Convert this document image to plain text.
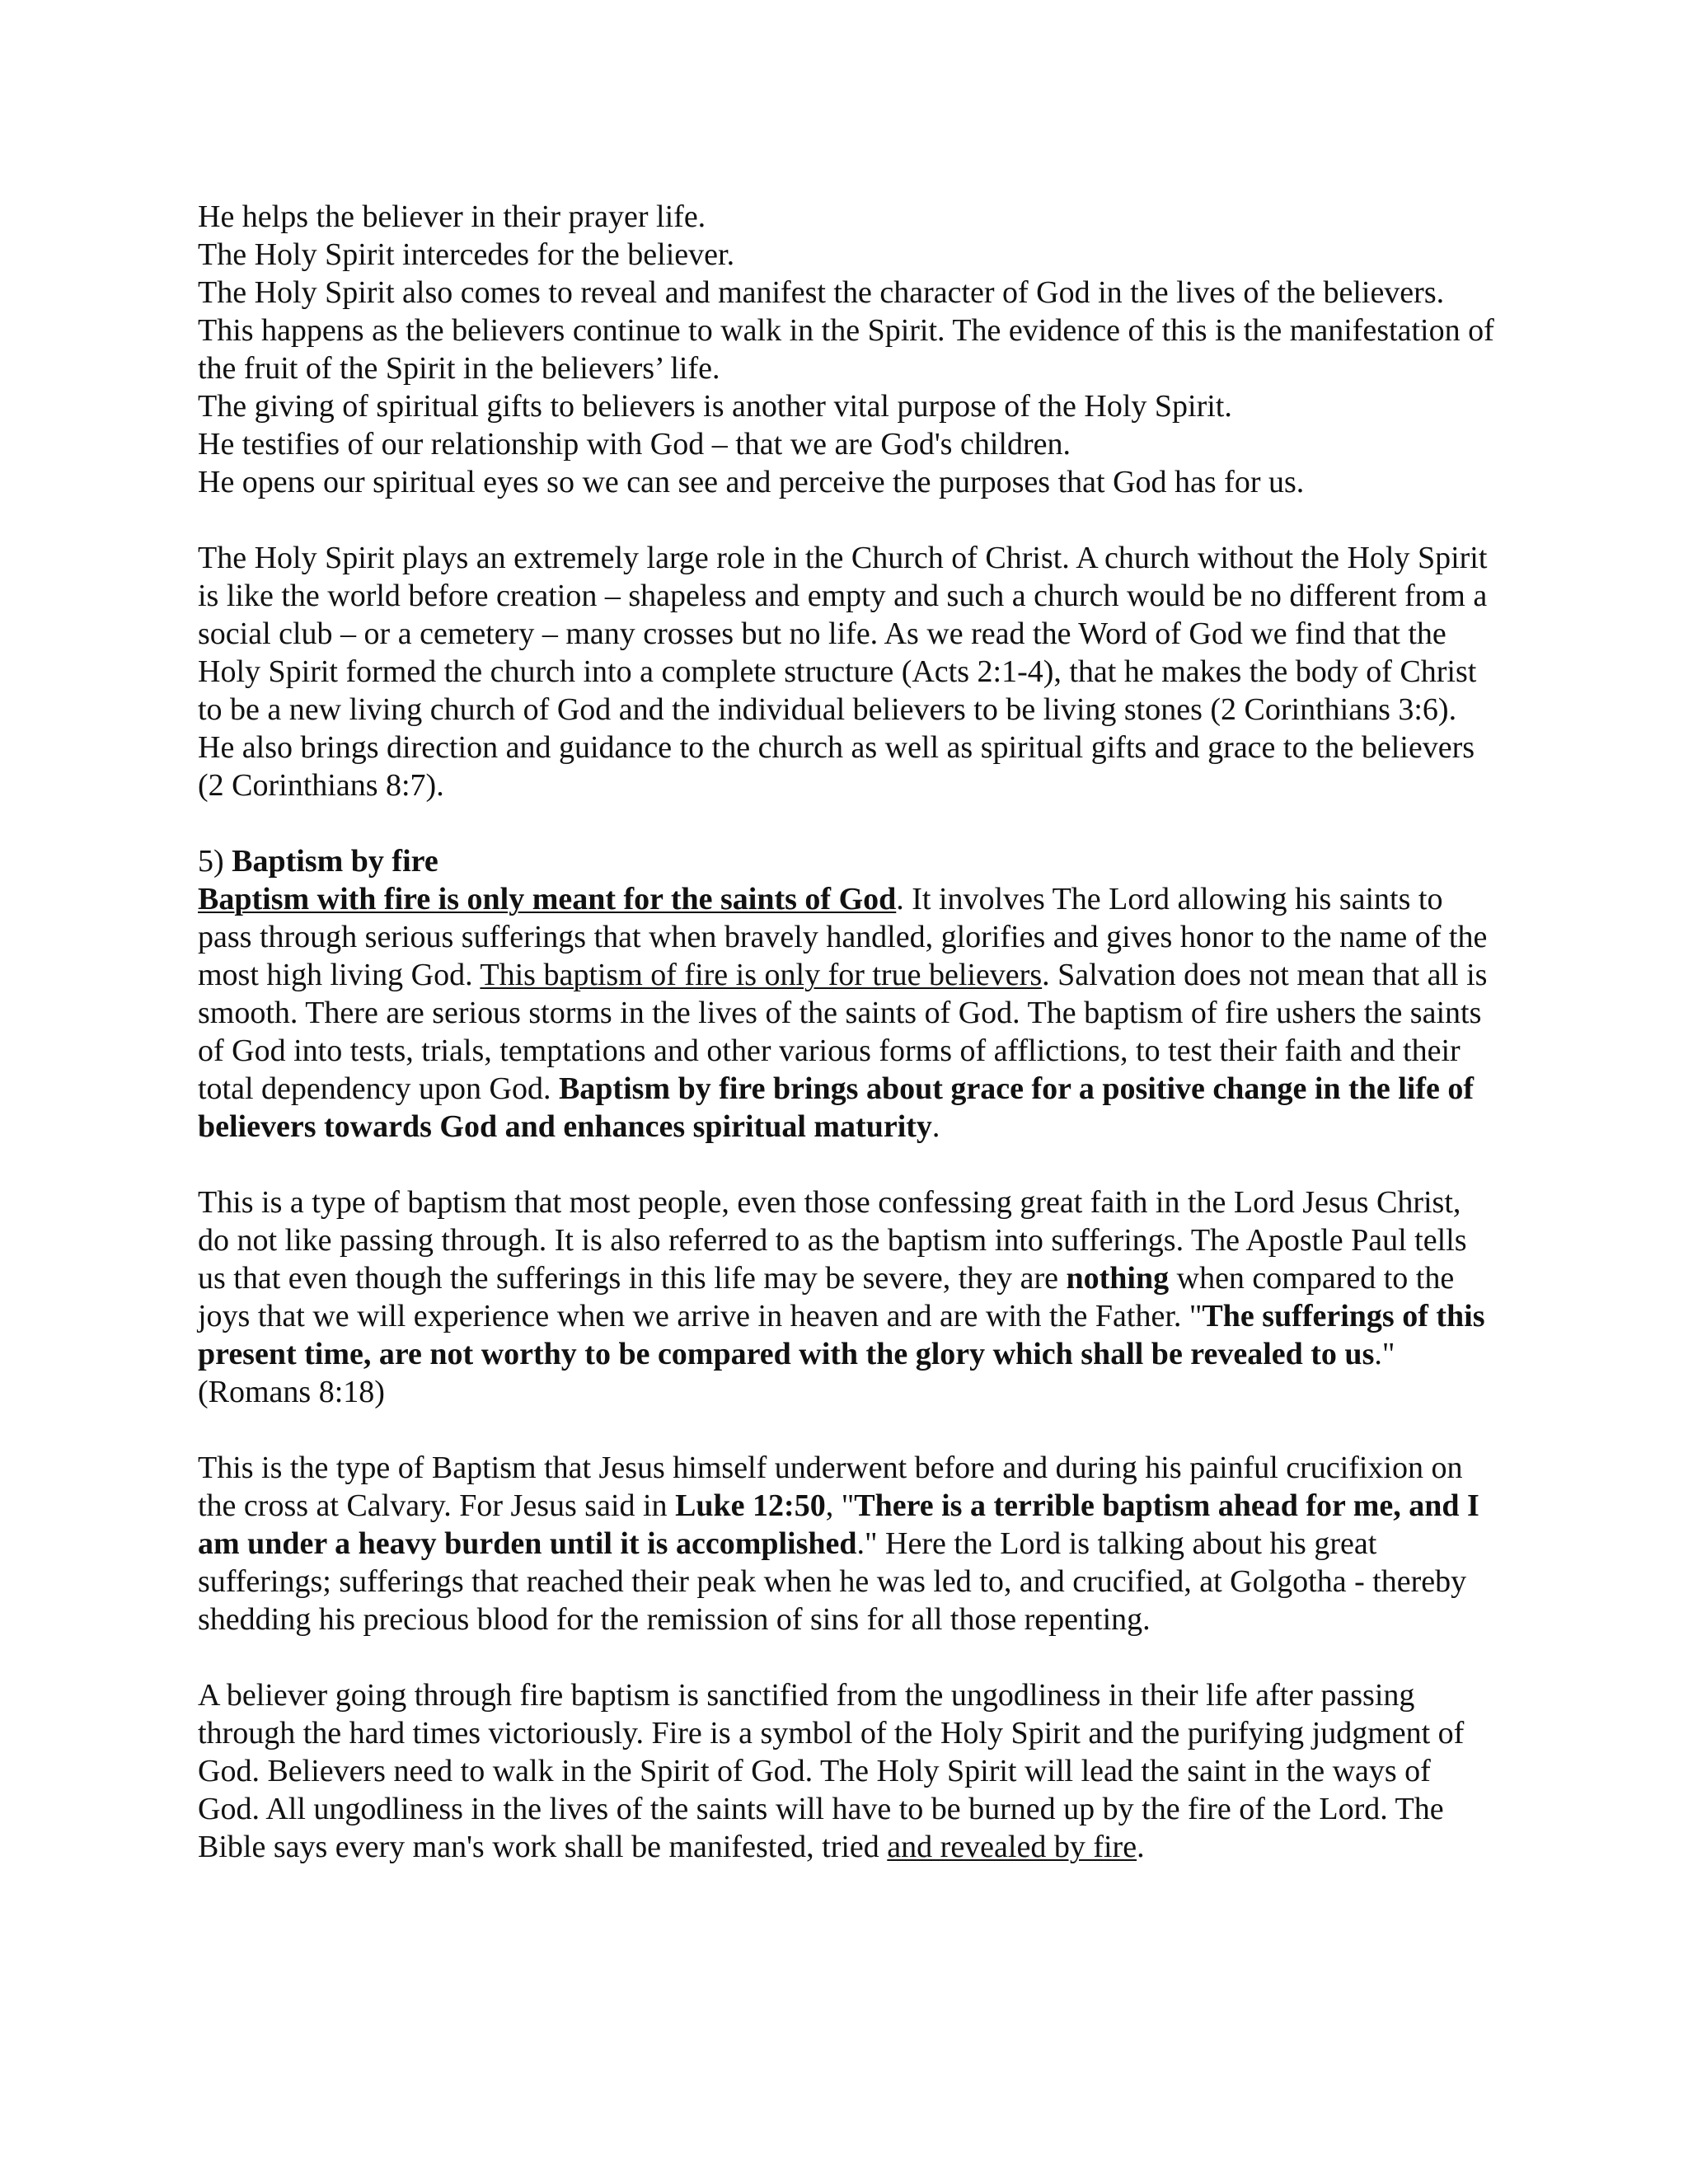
He helps the believer in their prayer life.

The Holy Spirit intercedes for the believer.

The Holy Spirit also comes to reveal and manifest the character of God in the lives of the believers. This happens as the believers continue to walk in the Spirit. The evidence of this is the manifestation of the fruit of the Spirit in the believers’ life.

The giving of spiritual gifts to believers is another vital purpose of the Holy Spirit.

He testifies of our relationship with God – that we are God's children.

He opens our spiritual eyes so we can see and perceive the purposes that God has for us.

The Holy Spirit plays an extremely large role in the Church of Christ. A church without the Holy Spirit is like the world before creation – shapeless and empty and such a church would be no different from a social club – or a cemetery – many crosses but no life. As we read the Word of God we find that the Holy Spirit formed the church into a complete structure (Acts 2:1-4), that he makes the body of Christ to be a new living church of God and the individual believers to be living stones (2 Corinthians 3:6). He also brings direction and guidance to the church as well as spiritual gifts and grace to the believers (2 Corinthians 8:7).

5) Baptism by fire

Baptism with fire is only meant for the saints of God. It involves The Lord allowing his saints to pass through serious sufferings that when bravely handled, glorifies and gives honor to the name of the most high living God. This baptism of fire is only for true believers. Salvation does not mean that all is smooth. There are serious storms in the lives of the saints of God. The baptism of fire ushers the saints of God into tests, trials, temptations and other various forms of afflictions, to test their faith and their total dependency upon God. Baptism by fire brings about grace for a positive change in the life of believers towards God and enhances spiritual maturity.

This is a type of baptism that most people, even those confessing great faith in the Lord Jesus Christ, do not like passing through. It is also referred to as the baptism into sufferings. The Apostle Paul tells us that even though the sufferings in this life may be severe, they are nothing when compared to the joys that we will experience when we arrive in heaven and are with the Father. "The sufferings of this present time, are not worthy to be compared with the glory which shall be revealed to us." (Romans 8:18)

This is the type of Baptism that Jesus himself underwent before and during his painful crucifixion on the cross at Calvary. For Jesus said in Luke 12:50, "There is a terrible baptism ahead for me, and I am under a heavy burden until it is accomplished." Here the Lord is talking about his great sufferings; sufferings that reached their peak when he was led to, and crucified, at Golgotha - thereby shedding his precious blood for the remission of sins for all those repenting.

A believer going through fire baptism is sanctified from the ungodliness in their life after passing through the hard times victoriously. Fire is a symbol of the Holy Spirit and the purifying judgment of God. Believers need to walk in the Spirit of God. The Holy Spirit will lead the saint in the ways of God. All ungodliness in the lives of the saints will have to be burned up by the fire of the Lord. The Bible says every man's work shall be manifested, tried and revealed by fire.
